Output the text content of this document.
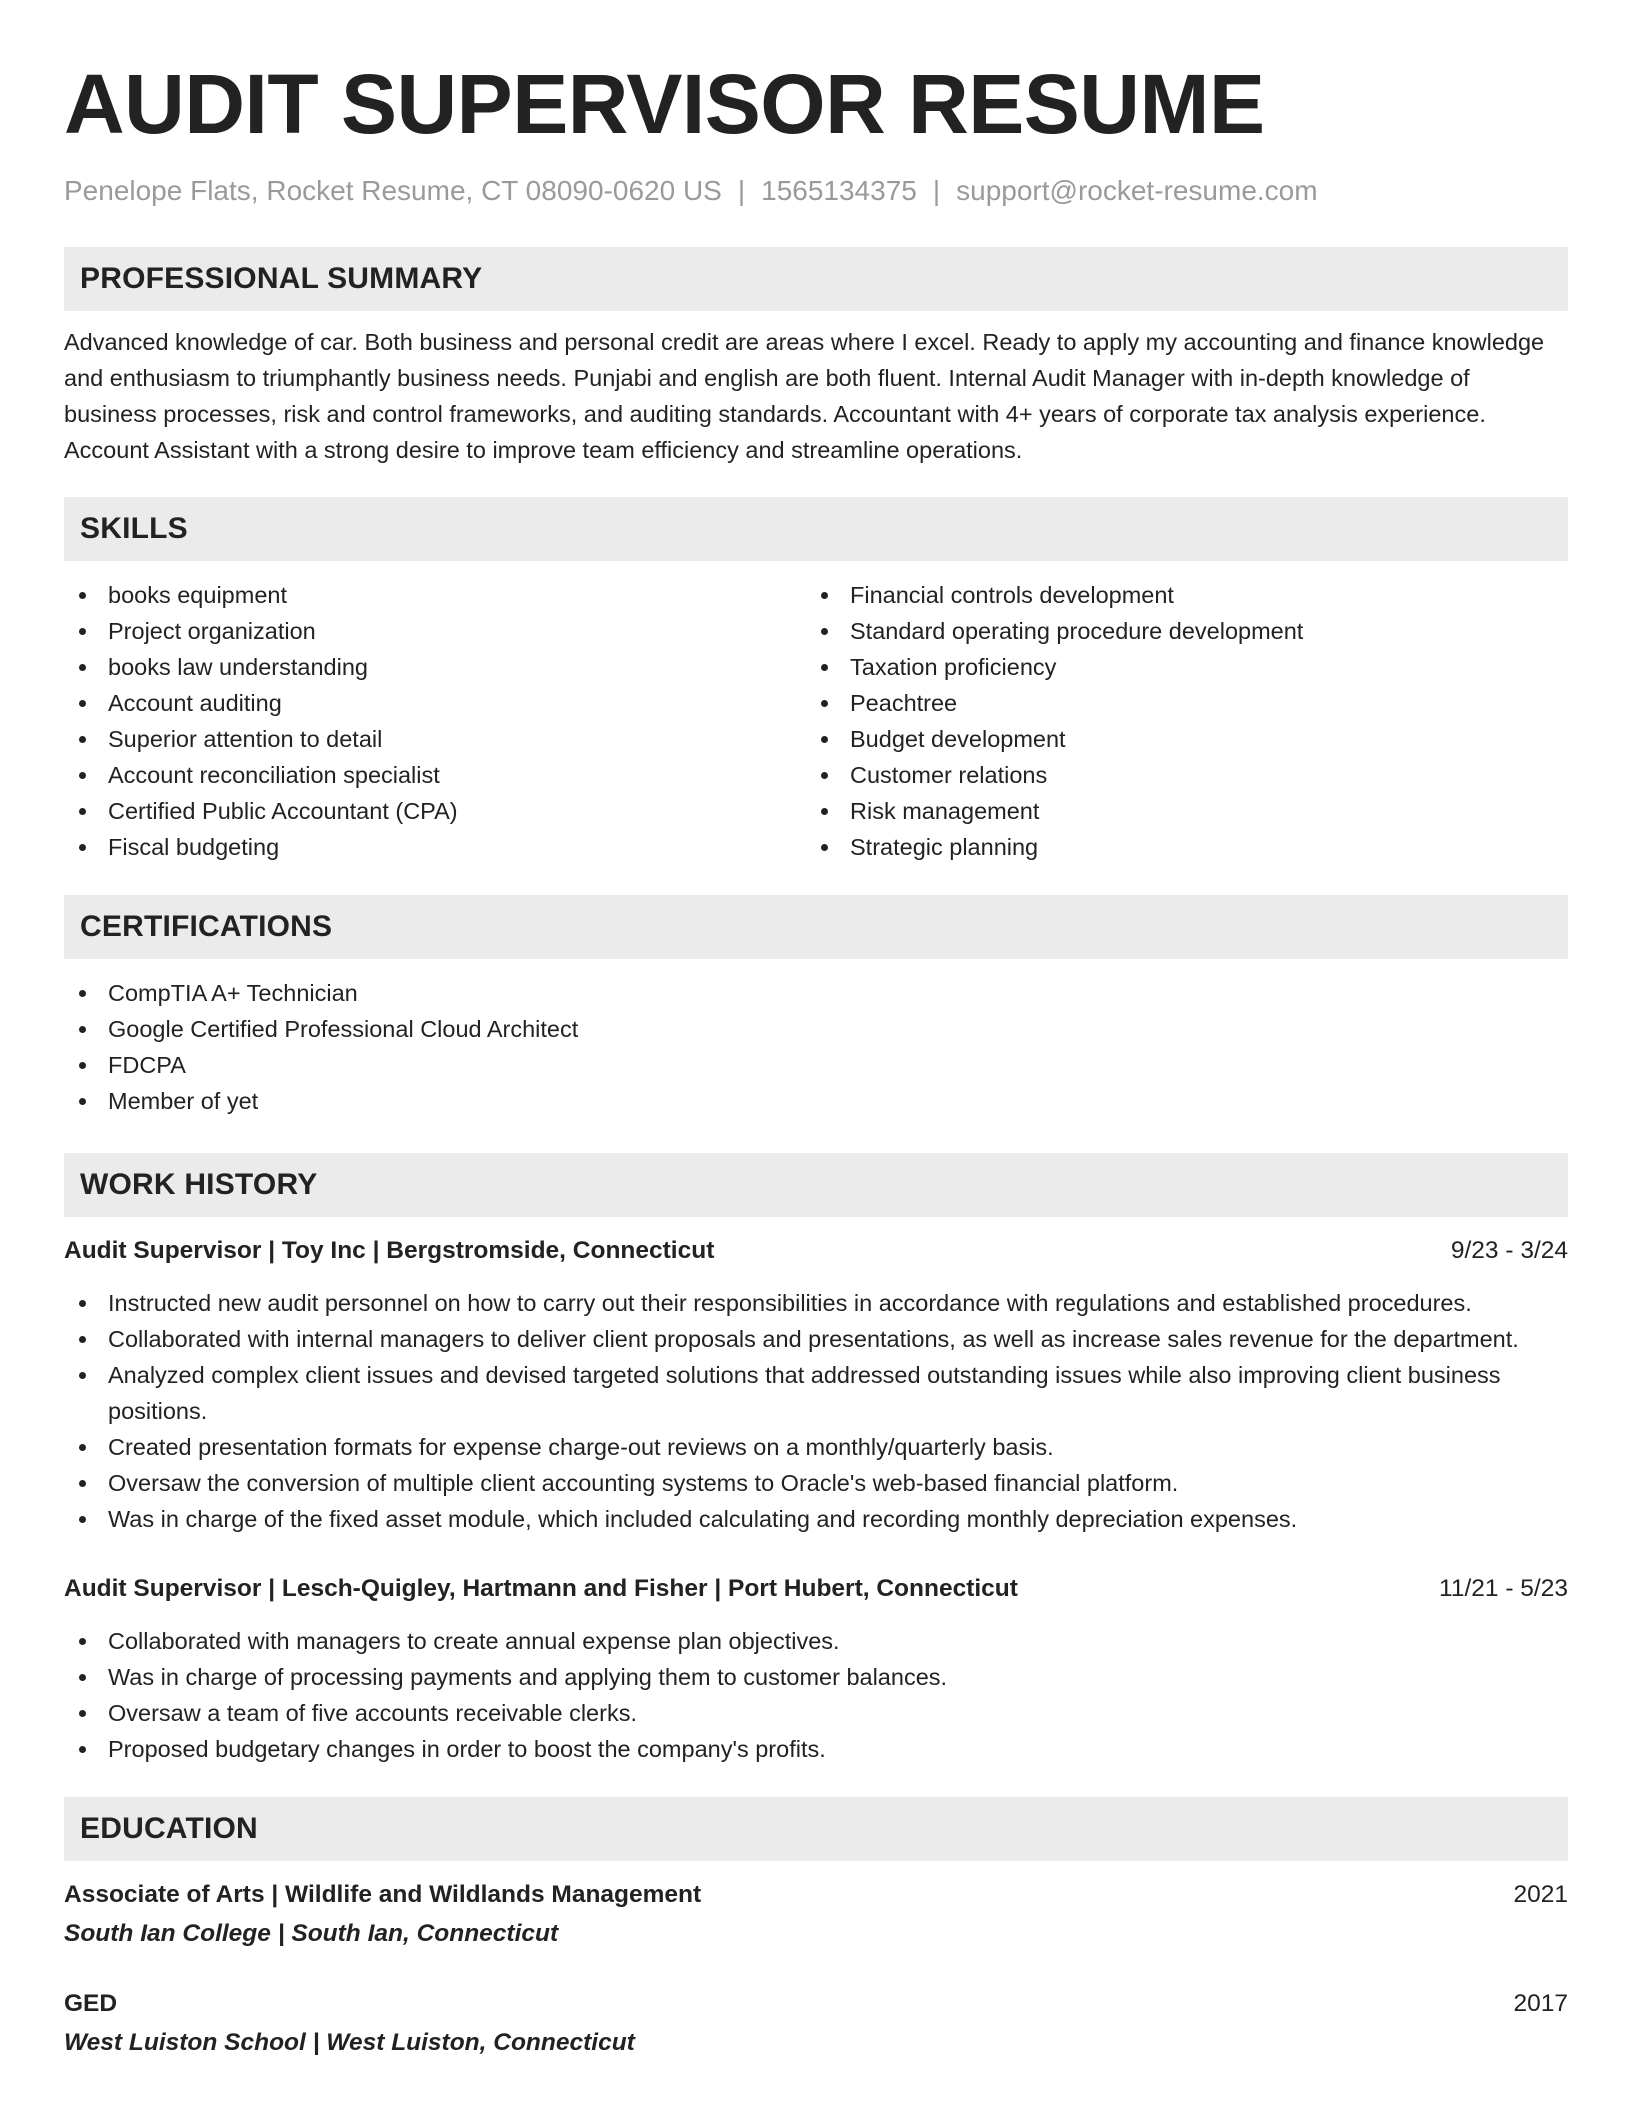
AUDIT SUPERVISOR RESUME
Penelope Flats, Rocket Resume, CT 08090-0620 US | 1565134375 | support@rocket-resume.com
PROFESSIONAL SUMMARY

Advanced knowledge of car. Both business and personal credit are areas where I excel. Ready to apply my accounting and finance knowledge and enthusiasm to triumphantly business needs. Punjabi and english are both fluent. Internal Audit Manager with in-depth knowledge of business processes, risk and control frameworks, and auditing standards. Accountant with 4+ years of corporate tax analysis experience. Account Assistant with a strong desire to improve team efficiency and streamline operations.

SKILLS
books equipment
Project organization
books law understanding
Account auditing
Superior attention to detail
Account reconciliation specialist
Certified Public Accountant (CPA)
Fiscal budgeting
Financial controls development
Standard operating procedure development
Taxation proficiency
Peachtree
Budget development
Customer relations
Risk management
Strategic planning
CERTIFICATIONS
CompTIA A+ Technician
Google Certified Professional Cloud Architect
FDCPA
Member of yet
WORK HISTORY
Audit Supervisor | Toy Inc | Bergstromside, Connecticut	9/23 - 3/24
Instructed new audit personnel on how to carry out their responsibilities in accordance with regulations and established procedures.
Collaborated with internal managers to deliver client proposals and presentations, as well as increase sales revenue for the department.
Analyzed complex client issues and devised targeted solutions that addressed outstanding issues while also improving client business positions.
Created presentation formats for expense charge-out reviews on a monthly/quarterly basis.
Oversaw the conversion of multiple client accounting systems to Oracle's web-based financial platform.
Was in charge of the fixed asset module, which included calculating and recording monthly depreciation expenses.
Audit Supervisor | Lesch-Quigley, Hartmann and Fisher | Port Hubert, Connecticut	11/21 - 5/23
Collaborated with managers to create annual expense plan objectives.
Was in charge of processing payments and applying them to customer balances.
Oversaw a team of five accounts receivable clerks.
Proposed budgetary changes in order to boost the company's profits.
EDUCATION
Associate of Arts | Wildlife and Wildlands Management	2021
South Ian College | South Ian, Connecticut
GED	2017
West Luiston School | West Luiston, Connecticut
